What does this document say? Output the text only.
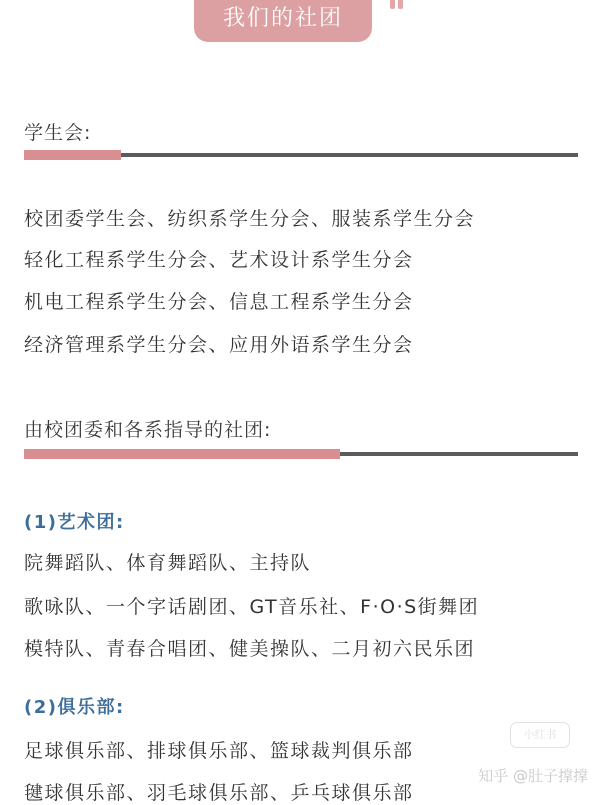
我们的社团
学生会:
校团委学生会、纺织系学生分会、服装系学生分会
轻化工程系学生分会、艺术设计系学生分会
机电工程系学生分会、信息工程系学生分会
经济管理系学生分会、应用外语系学生分会
由校团委和各系指导的社团:
(1)艺术团:
院舞蹈队、体育舞蹈队、主持队
歌咏队、一个字话剧团、GT音乐社、F·O·S街舞团
模特队、青春合唱团、健美操队、二月初六民乐团
(2)俱乐部:
足球俱乐部、排球俱乐部、篮球裁判俱乐部
毽球俱乐部、羽毛球俱乐部、乒乓球俱乐部
小红书
知乎 @肚子撑撑
